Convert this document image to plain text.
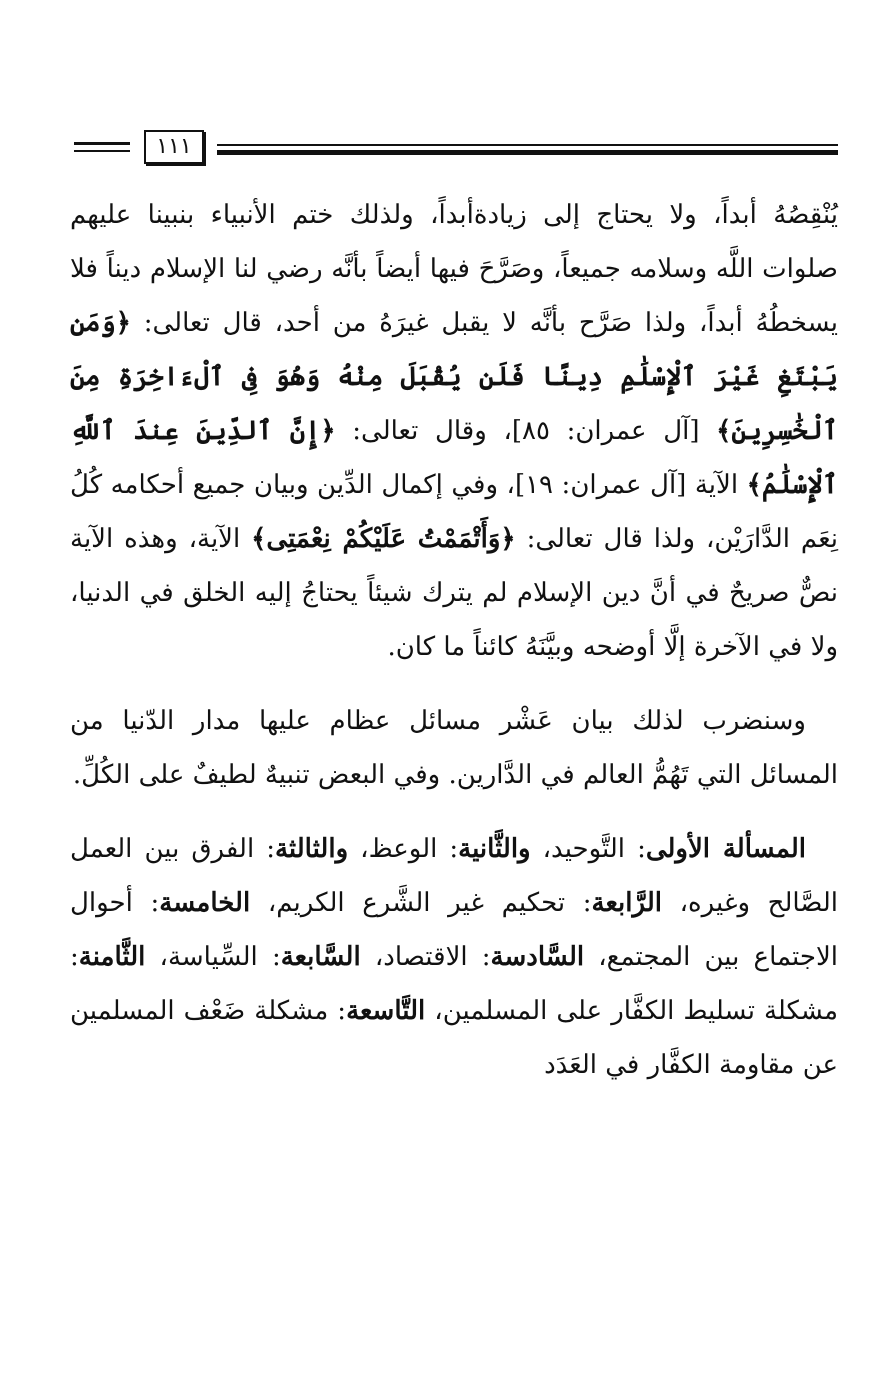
١١١

يُنْقِصُهُ أبداً، ولا يحتاج إلى زيادةأبداً، ولذلك ختم الأنبياء بنبينا عليهم صلوات اللَّه وسلامه جميعاً، وصَرَّحَ فيها أيضاً بأنَّه رضي لنا الإسلام ديناً فلا يسخطُهُ أبداً، ولذا صَرَّح بأنَّه لا يقبل غيرَهُ من أحد، قال تعالى: ﴿وَمَن يَبْتَغِ غَيْرَ ٱلْإِسْلَٰمِ دِينًا فَلَن يُقْبَلَ مِنْهُ وَهُوَ فِى ٱلْءَاخِرَةِ مِنَ ٱلْخَٰسِرِينَ﴾ [آل عمران: ٨٥]، وقال تعالى: ﴿إِنَّ ٱلدِّينَ عِندَ ٱللَّهِ ٱلْإِسْلَٰمُ﴾ الآية [آل عمران: ١٩]، وفي إكمال الدِّين وبيان جميع أحكامه كُلُ نِعَم الدَّارَيْن، ولذا قال تعالى: ﴿وَأَتْمَمْتُ عَلَيْكُمْ نِعْمَتِى﴾ الآية، وهذه الآية نصٌّ صريحٌ في أنَّ دين الإسلام لم يترك شيئاً يحتاجُ إليه الخلق في الدنيا، ولا في الآخرة إلَّا أوضحه وبيَّنَهُ كائناً ما كان.

وسنضرب لذلك بيان عَشْر مسائل عظام عليها مدار الدّنيا من المسائل التي تَهُمُّ العالم في الدَّارين. وفي البعض تنبيهٌ لطيفٌ على الكُلِّ.

المسألة الأولى: التَّوحيد، والثَّانية: الوعظ، والثالثة: الفرق بين العمل الصَّالح وغيره، الرَّابعة: تحكيم غير الشَّرع الكريم، الخامسة: أحوال الاجتماع بين المجتمع، السَّادسة: الاقتصاد، السَّابعة: السِّياسة، الثَّامنة: مشكلة تسليط الكفَّار على المسلمين، التَّاسعة: مشكلة ضَعْف المسلمين عن مقاومة الكفَّار في العَدَد
